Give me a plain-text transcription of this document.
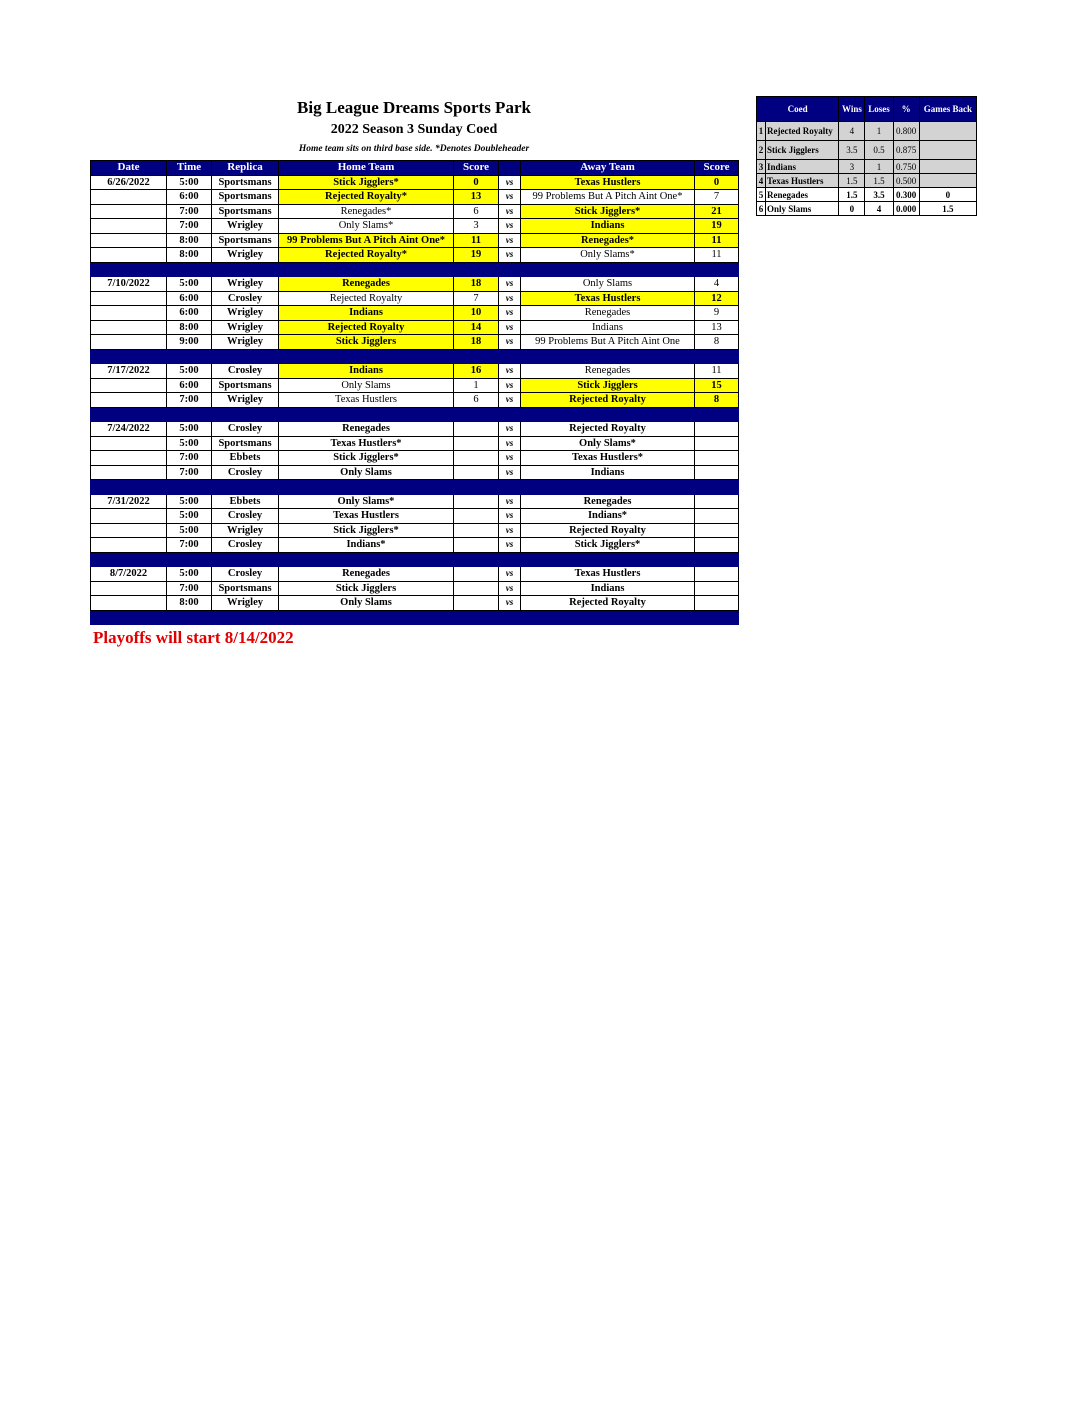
Big League Dreams Sports Park
2022 Season 3 Sunday Coed
Home team sits on third base side. *Denotes Doubleheader
Date	Time	Replica	Home Team	Score		Away Team	Score
6/26/2022	5:00	Sportsmans	Stick Jigglers*	0	vs	Texas Hustlers	0
	6:00	Sportsmans	Rejected Royalty*	13	vs	99 Problems But A Pitch Aint One*	7
	7:00	Sportsmans	Renegades*	6	vs	Stick Jigglers*	21
	7:00	Wrigley	Only Slams*	3	vs	Indians	19
	8:00	Sportsmans	99 Problems But A Pitch Aint One*	11	vs	Renegades*	11
	8:00	Wrigley	Rejected Royalty*	19	vs	Only Slams*	11

7/10/2022	5:00	Wrigley	Renegades	18	vs	Only Slams	4
	6:00	Crosley	Rejected Royalty	7	vs	Texas Hustlers	12
	6:00	Wrigley	Indians	10	vs	Renegades	9
	8:00	Wrigley	Rejected Royalty	14	vs	Indians	13
	9:00	Wrigley	Stick Jigglers	18	vs	99 Problems But A Pitch Aint One	8

7/17/2022	5:00	Crosley	Indians	16	vs	Renegades	11
	6:00	Sportsmans	Only Slams	1	vs	Stick Jigglers	15
	7:00	Wrigley	Texas Hustlers	6	vs	Rejected Royalty	8

7/24/2022	5:00	Crosley	Renegades		vs	Rejected Royalty	
	5:00	Sportsmans	Texas Hustlers*		vs	Only Slams*	
	7:00	Ebbets	Stick Jigglers*		vs	Texas Hustlers*	
	7:00	Crosley	Only Slams		vs	Indians	

7/31/2022	5:00	Ebbets	Only Slams*		vs	Renegades	
	5:00	Crosley	Texas Hustlers		vs	Indians*	
	5:00	Wrigley	Stick Jigglers*		vs	Rejected Royalty	
	7:00	Crosley	Indians*		vs	Stick Jigglers*	

8/7/2022	5:00	Crosley	Renegades		vs	Texas Hustlers	
	7:00	Sportsmans	Stick Jigglers		vs	Indians	
	8:00	Wrigley	Only Slams		vs	Rejected Royalty	

Coed		Wins	Loses	%	Games Back
1	Rejected Royalty	4	1	0.800	
2	Stick Jigglers	3.5	0.5	0.875	
3	Indians	3	1	0.750	
4	Texas Hustlers	1.5	1.5	0.500	
5	Renegades	1.5	3.5	0.300	0
6	Only Slams	0	4	0.000	1.5
Playoffs will start 8/14/2022
